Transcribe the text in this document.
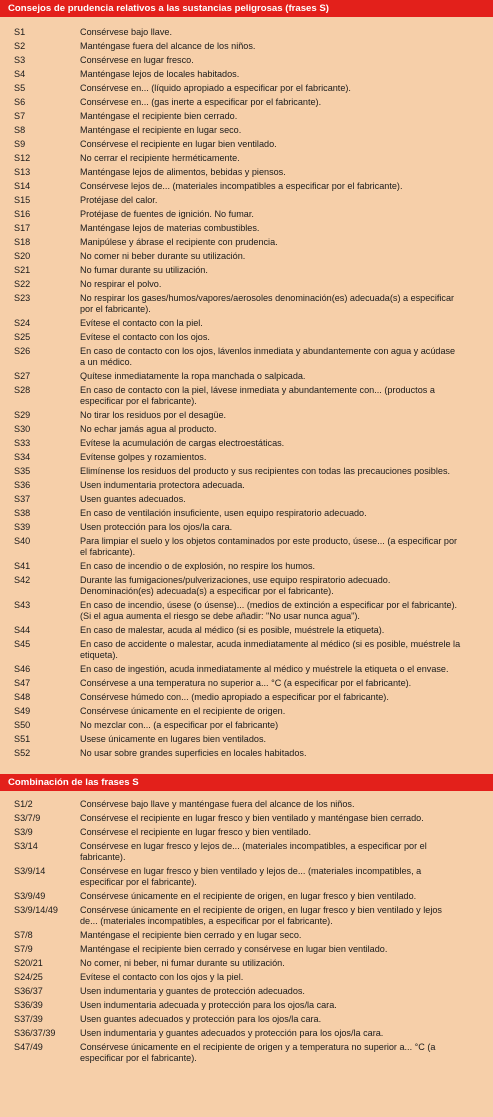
Consejos de prudencia relativos a las sustancias peligrosas (frases S)
S1	Consérvese bajo llave.
S2	Manténgase fuera del alcance de los niños.
S3	Consérvese en lugar fresco.
S4	Manténgase lejos de locales habitados.
S5	Consérvese en... (líquido apropiado a especificar por el fabricante).
S6	Consérvese en... (gas inerte a especificar por el fabricante).
S7	Manténgase el recipiente bien cerrado.
S8	Manténgase el recipiente en lugar seco.
S9	Consérvese el recipiente en lugar bien ventilado.
S12	No cerrar el recipiente herméticamente.
S13	Manténgase lejos de alimentos, bebidas y piensos.
S14	Consérvese lejos de... (materiales incompatibles a especificar por el fabricante).
S15	Protéjase del calor.
S16	Protéjase de fuentes de ignición. No fumar.
S17	Manténgase lejos de materias combustibles.
S18	Manipúlese y ábrase el recipiente con prudencia.
S20	No comer ni beber durante su utilización.
S21	No fumar durante su utilización.
S22	No respirar el polvo.
S23	No respirar los gases/humos/vapores/aerosoles denominación(es) adecuada(s) a especificar por el fabricante).
S24	Evítese el contacto con la piel.
S25	Evítese el contacto con los ojos.
S26	En caso de contacto con los ojos, lávenlos inmediata y abundantemente con agua y acúdase a un médico.
S27	Quítese inmediatamente la ropa manchada o salpicada.
S28	En caso de contacto con la piel, lávese inmediata y abundantemente con... (productos a especificar por el fabricante).
S29	No tirar los residuos por el desagüe.
S30	No echar jamás agua al producto.
S33	Evítese la acumulación de cargas electroestáticas.
S34	Evítense golpes y rozamientos.
S35	Elimínense los residuos del producto y sus recipientes con todas las precauciones posibles.
S36	Usen indumentaria protectora adecuada.
S37	Usen guantes adecuados.
S38	En caso de ventilación insuficiente, usen equipo respiratorio adecuado.
S39	Usen protección para los ojos/la cara.
S40	Para limpiar el suelo y los objetos contaminados por este producto, úsese... (a especificar por el fabricante).
S41	En caso de incendio o de explosión, no respire los humos.
S42	Durante las fumigaciones/pulverizaciones, use equipo respiratorio adecuado. Denominación(es) adecuada(s) a especificar por el fabricante).
S43	En caso de incendio, úsese (o úsense)... (medios de extinción a especificar por el fabricante). (Si el agua aumenta el riesgo se debe añadir: "No usar nunca agua").
S44	En caso de malestar, acuda al médico (si es posible, muéstrele la etiqueta).
S45	En caso de accidente o malestar, acuda inmediatamente al médico (si es posible, muéstrele la etiqueta).
S46	En caso de ingestión, acuda inmediatamente al médico y muéstrele la etiqueta o el envase.
S47	Consérvese a una temperatura no superior a... °C (a especificar por el fabricante).
S48	Consérvese húmedo con... (medio apropiado a especificar por el fabricante).
S49	Consérvese únicamente en el recipiente de origen.
S50	No mezclar con... (a especificar por el fabricante)
S51	Usese únicamente en lugares bien ventilados.
S52	No usar sobre grandes superficies en locales habitados.
Combinación de las frases S
S1/2	Consérvese bajo llave y manténgase fuera del alcance de los niños.
S3/7/9	Consérvese el recipiente en lugar fresco y bien ventilado y manténgase bien cerrado.
S3/9	Consérvese el recipiente en lugar fresco y bien ventilado.
S3/14	Consérvese en lugar fresco y lejos de... (materiales incompatibles, a especificar por el fabricante).
S3/9/14	Consérvese en lugar fresco y bien ventilado y lejos de... (materiales incompatibles, a especificar por el fabricante).
S3/9/49	Consérvese únicamente en el recipiente de origen, en lugar fresco y bien ventilado.
S3/9/14/49	Consérvese únicamente en el recipiente de origen, en lugar fresco y bien ventilado y lejos de... (materiales incompatibles, a especificar por el fabricante).
S7/8	Manténgase el recipiente bien cerrado y en lugar seco.
S7/9	Manténgase el recipiente bien cerrado y consérvese en lugar bien ventilado.
S20/21	No comer, ni beber, ni fumar durante su utilización.
S24/25	Evítese el contacto con los ojos y la piel.
S36/37	Usen indumentaria y guantes de protección adecuados.
S36/39	Usen indumentaria adecuada y protección para los ojos/la cara.
S37/39	Usen guantes adecuados y protección para los ojos/la cara.
S36/37/39	Usen indumentaria y guantes adecuados y protección para los ojos/la cara.
S47/49	Consérvese únicamente en el recipiente de origen y a temperatura no superior a... °C (a especificar por el fabricante).
